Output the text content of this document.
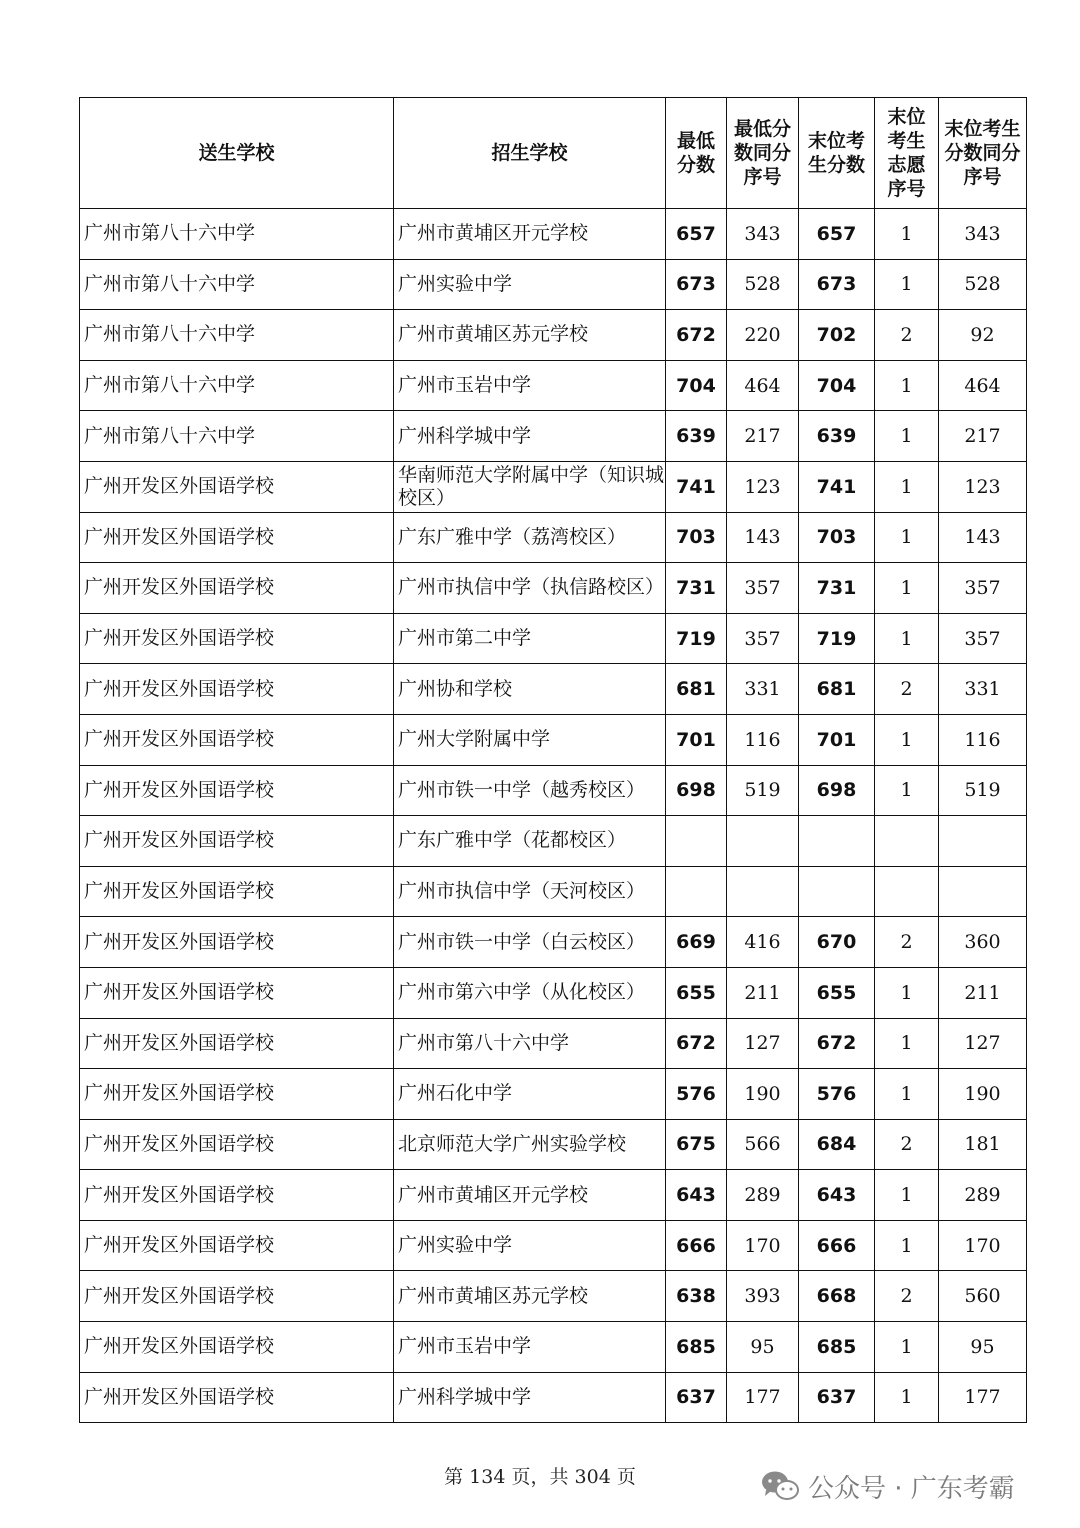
送生学校	招生学校	最低分数	最低分数同分序号	末位考生分数	末位考生志愿序号	末位考生分数同分序号

广州市第八十六中学	广州市黄埔区开元学校	657	343	657	1	343
广州市第八十六中学	广州实验中学	673	528	673	1	528
广州市第八十六中学	广州市黄埔区苏元学校	672	220	702	2	92
广州市第八十六中学	广州市玉岩中学	704	464	704	1	464
广州市第八十六中学	广州科学城中学	639	217	639	1	217
广州开发区外国语学校	华南师范大学附属中学（知识城校区）	741	123	741	1	123
广州开发区外国语学校	广东广雅中学（荔湾校区）	703	143	703	1	143
广州开发区外国语学校	广州市执信中学（执信路校区）	731	357	731	1	357
广州开发区外国语学校	广州市第二中学	719	357	719	1	357
广州开发区外国语学校	广州协和学校	681	331	681	2	331
广州开发区外国语学校	广州大学附属中学	701	116	701	1	116
广州开发区外国语学校	广州市铁一中学（越秀校区）	698	519	698	1	519
广州开发区外国语学校	广东广雅中学（花都校区）					
广州开发区外国语学校	广州市执信中学（天河校区）					
广州开发区外国语学校	广州市铁一中学（白云校区）	669	416	670	2	360
广州开发区外国语学校	广州市第六中学（从化校区）	655	211	655	1	211
广州开发区外国语学校	广州市第八十六中学	672	127	672	1	127
广州开发区外国语学校	广州石化中学	576	190	576	1	190
广州开发区外国语学校	北京师范大学广州实验学校	675	566	684	2	181
广州开发区外国语学校	广州市黄埔区开元学校	643	289	643	1	289
广州开发区外国语学校	广州实验中学	666	170	666	1	170
广州开发区外国语学校	广州市黄埔区苏元学校	638	393	668	2	560
广州开发区外国语学校	广州市玉岩中学	685	95	685	1	95
广州开发区外国语学校	广州科学城中学	637	177	637	1	177
第 134 页，共 304 页	公众号 · 广东考霸
